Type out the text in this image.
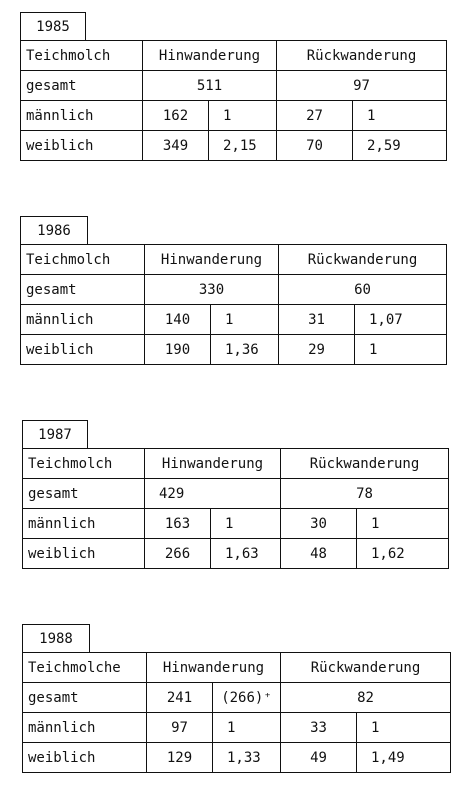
1985
Teichmolch	Hinwanderung		Rückwanderung	
gesamt	511		97	
männlich	162	1	27	1
weiblich	349	2,15	70	2,59
1986
Teichmolch	Hinwanderung		Rückwanderung	
gesamt	330		60	
männlich	140	1	31	1,07
weiblich	190	1,36	29	1
1987
Teichmolch	Hinwanderung		Rückwanderung	
gesamt	429		78	
männlich	163	1	30	1
weiblich	266	1,63	48	1,62
1988
Teichmolche	Hinwanderung		Rückwanderung	
gesamt	241	(266)⁺	82	
männlich	97	1	33	1
weiblich	129	1,33	49	1,49
